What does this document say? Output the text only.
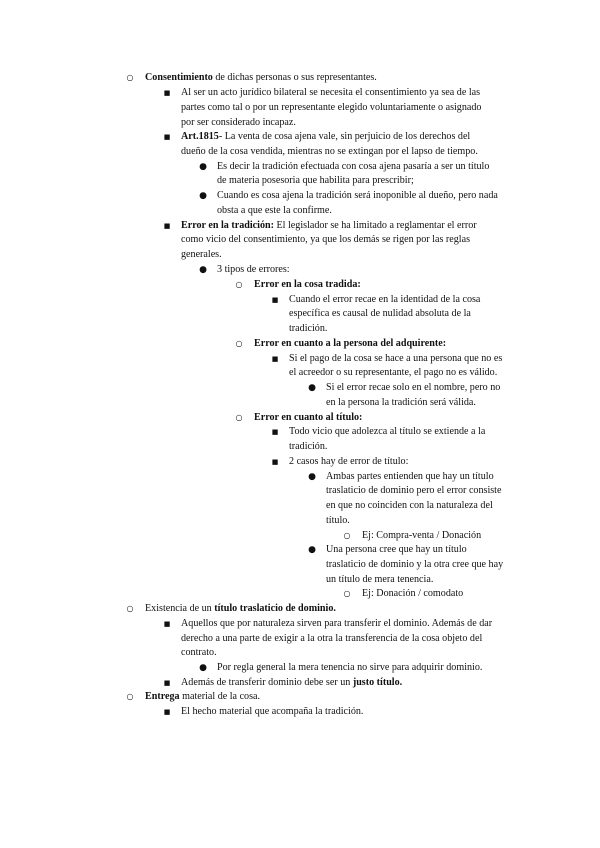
○ Consentimiento de dichas personas o sus representantes.
■ Al ser un acto jurídico bilateral se necesita el consentimiento ya sea de las
partes como tal o por un representante elegido voluntariamente o asignado
por ser considerado incapaz.
■ Art.1815- La venta de cosa ajena vale, sin perjuicio de los derechos del
dueño de la cosa vendida, mientras no se extingan por el lapso de tiempo.
● Es decir la tradición efectuada con cosa ajena pasaría a ser un título
de materia posesoria que habilita para prescribir;
● Cuando es cosa ajena la tradición será inoponible al dueño, pero nada
obsta a que este la confirme.
■ Error en la tradición: El legislador se ha limitado a reglamentar el error
como vicio del consentimiento, ya que los demás se rigen por las reglas
generales.
● 3 tipos de errores:
○ Error en la cosa tradida:
■ Cuando el error recae en la identidad de la cosa
específica es causal de nulidad absoluta de la
tradición.
○ Error en cuanto a la persona del adquirente:
■ Si el pago de la cosa se hace a una persona que no es
el acreedor o su representante, el pago no es válido.
● Si el error recae solo en el nombre, pero no
en la persona la tradición será válida.
○ Error en cuanto al título:
■ Todo vicio que adolezca al título se extiende a la
tradición.
■ 2 casos hay de error de título:
● Ambas partes entienden que hay un título
traslaticio de dominio pero el error consiste
en que no coinciden con la naturaleza del
título.
○ Ej: Compra-venta / Donación
● Una persona cree que hay un título
traslaticio de dominio y la otra cree que hay
un título de mera tenencia.
○ Ej: Donación / comodato
○ Existencia de un título traslaticio de dominio.
■ Aquellos que por naturaleza sirven para transferir el dominio. Además de dar
derecho a una parte de exigir a la otra la transferencia de la cosa objeto del
contrato.
● Por regla general la mera tenencia no sirve para adquirir dominio.
■ Además de transferir dominio debe ser un justo título.
○ Entrega material de la cosa.
■ El hecho material que acompaña la tradición.
